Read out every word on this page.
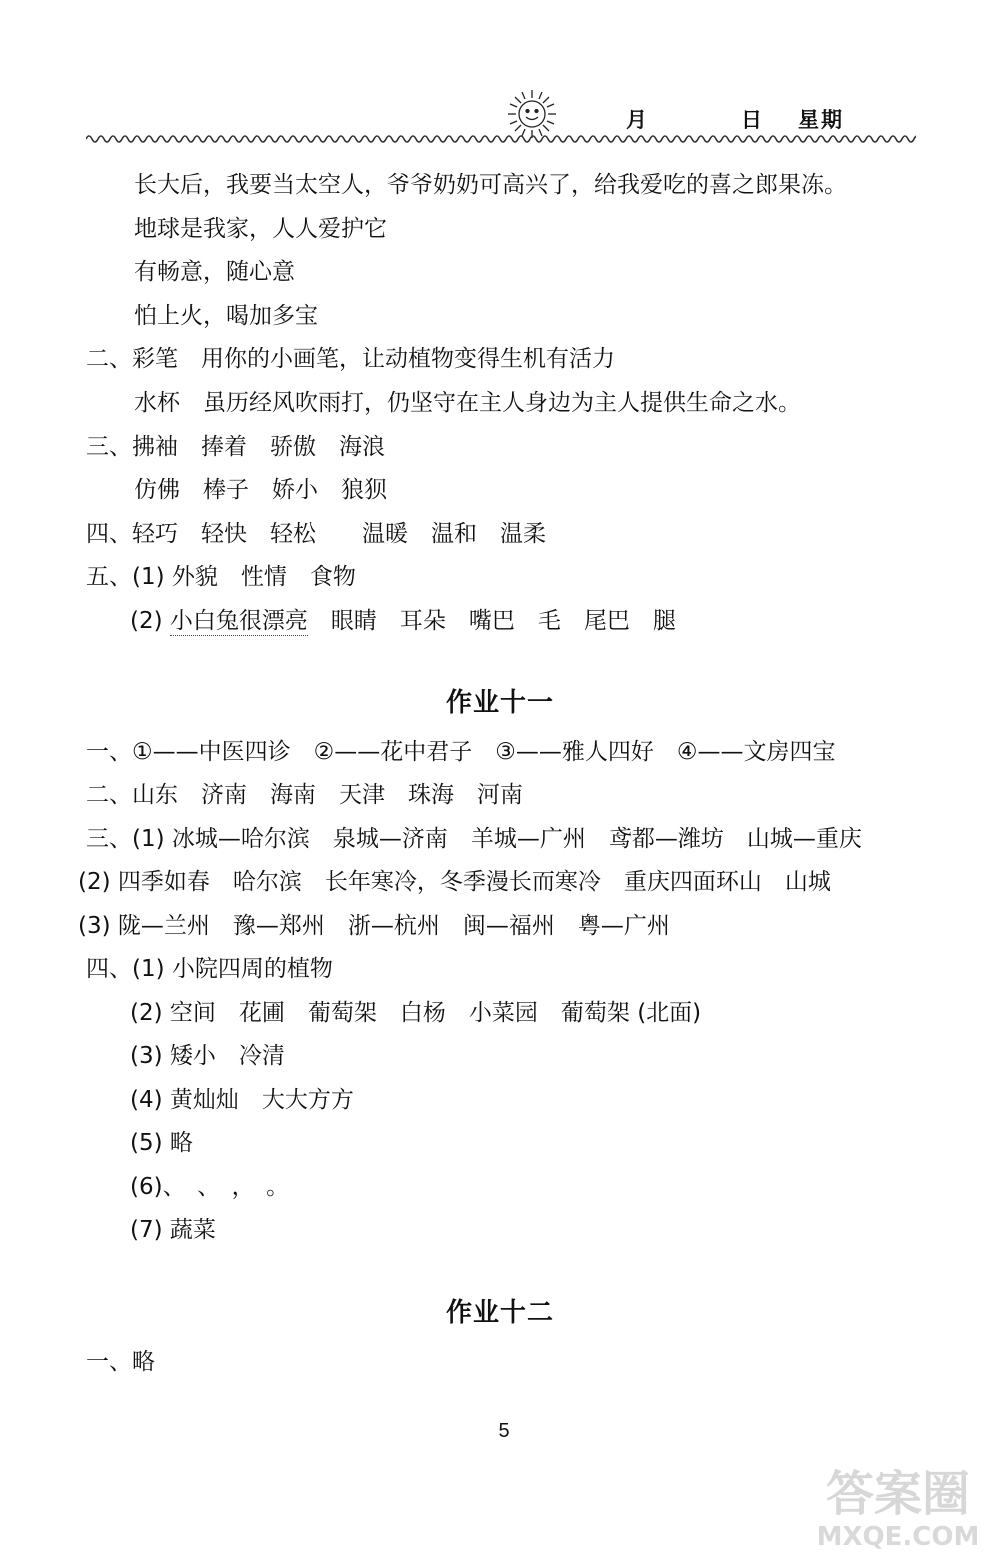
月	日 星期
长大后，我要当太空人，爷爷奶奶可高兴了，给我爱吃的喜之郎果冻。
地球是我家，人人爱护它
有畅意，随心意
怕上火，喝加多宝
二、彩笔　用你的小画笔，让动植物变得生机有活力
水杯　虽历经风吹雨打，仍坚守在主人身边为主人提供生命之水。
三、拂袖　捧着　骄傲　海浪
仿佛　棒子　娇小　狼狈
四、轻巧　轻快　轻松　　温暖　温和　温柔
五、(1) 外貌　性情　食物
(2) 小白兔很漂亮　眼睛　耳朵　嘴巴　毛　尾巴　腿
作业十一
一、①——中医四诊　②——花中君子　③——雅人四好　④——文房四宝
二、山东　济南　海南　天津　珠海　河南
三、(1) 冰城—哈尔滨　泉城—济南　羊城—广州　鸢都—潍坊　山城—重庆
(2) 四季如春　哈尔滨　长年寒冷，冬季漫长而寒冷　重庆四面环山　山城
(3) 陇—兰州　豫—郑州　浙—杭州　闽—福州　粤—广州
四、(1) 小院四周的植物
(2) 空间　花圃　葡萄架　白杨　小菜园　葡萄架 (北面)
(3) 矮小　冷清
(4) 黄灿灿　大大方方
(5) 略
(6)、　、　，　。
(7) 蔬菜
作业十二
一、略
5
答案圈
MXQE.COM
